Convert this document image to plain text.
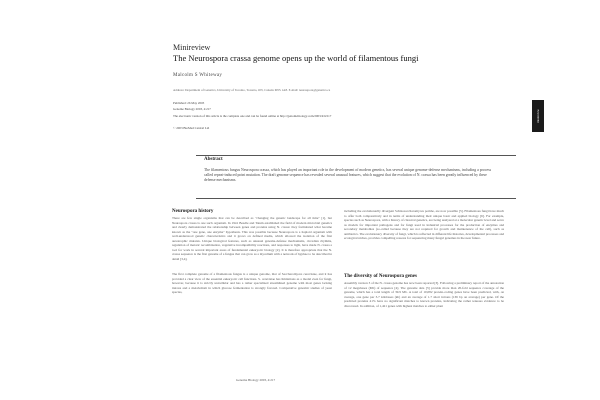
Minireview
The Neurospora crassa genome opens up the world of filamentous fungi
Malcolm S Whiteway
Address: Department of Genetics, University of Toronto, Toronto, ON, Canada M5S 1A8. E-mail: neurospora@genetics.ca
Published: 26 May 2003
Genome Biology 2003, 4:217
The electronic version of this article is the complete one and can be found online at http://genomebiology.com/2003/4/6/217
© 2003 BioMed Central Ltd
minireview
Abstract
The filamentous fungus Neurospora crassa, which has played an important role in the development of modern genetics, has several unique genome-defense mechanisms, including a process called repeat-induced point mutation. The draft genome sequence has revealed several unusual features, which suggest that the evolution of N. crassa has been greatly influenced by these defense mechanisms.
Neurospora history
There are few single organisms that can be described as "changing the genetic landscape for all time" [1], but Neurospora crassa is one such organism. In 1941 Beadle and Tatum established the field of modern microbial genetics and clearly demonstrated the relationship between genes and proteins using N. crassa: they formulated what became known as the "one gene, one enzyme" hypothesis. This was possible because Neurospora is a haploid organism with well-understood genetic characteristics and it grows on defined media, which allowed the isolation of the first auxotrophic mutants. Unique biological features, such as unusual genome-defense mechanisms, circadian rhythms, regulation of meiotic recombination, vegetative incompatibility reactions, and responses to light, have made N. crassa a tool for work in several important areas of fundamental eukaryotic biology [2]. It is therefore appropriate that the N. crassa sequence is the first genome of a fungus that can grow as a mycelium with a network of hyphae to be described in detail [3,4].
The first complete genome of a filamentous fungus is a unique genome, that of Saccharomyces cerevisiae, and it has provided a clear view of the essential eukaryotic cell functions. S. cerevisiae has limitations as a model even for fungi, however, because it is strictly unicellular and has a rather specialized streamlined genome with most genes lacking introns and a metabolism in which glucose fermentation is strongly favored. Comparative genomic studies of yeast species,
including the evolutionarily divergent Schizosaccharomyces pombe, are now possible [5]. Filamentous fungi have much to offer both comparatively and in terms of understanding their unique basic and applied biology [6]. For example, species such as Neurospora, with a history of classical genetics, are being analyzed at a molecular genetic level and serve as models for important pathogens and for fungi used in industrial processes for the production of enzymes and secondary metabolites (so-called because they are not required for growth and maintenance of the cell), such as antibiotics. The evolutionary diversity of fungi, which is reflected in different life histories, developmental processes and ecological niches, provides compelling reasons for sequencing many fungal genomes in the near future.
The diversity of Neurospora genes
Assembly version 3 of the N. crassa genome has now been reported [3]. Following a preliminary report of the annotation of 12 megabases (Mb) of sequence [4]. The genome data [3] provide more than 20-fold sequence coverage of the genome, which has a total length of 39.9 Mb. A total of 10,082 protein-coding genes have been predicted, with, on average, one gene per 3.7 kilobases (kb) and an average of 1.7 short introns (136 bp on average) per gene. Of the predicted proteins 41% have no significant matches to known proteins, indicating the rather tenuous evidence to be discovered. In addition, of 1,421 genes with highest matches to either plant
Genome Biology 2003, 4:217
